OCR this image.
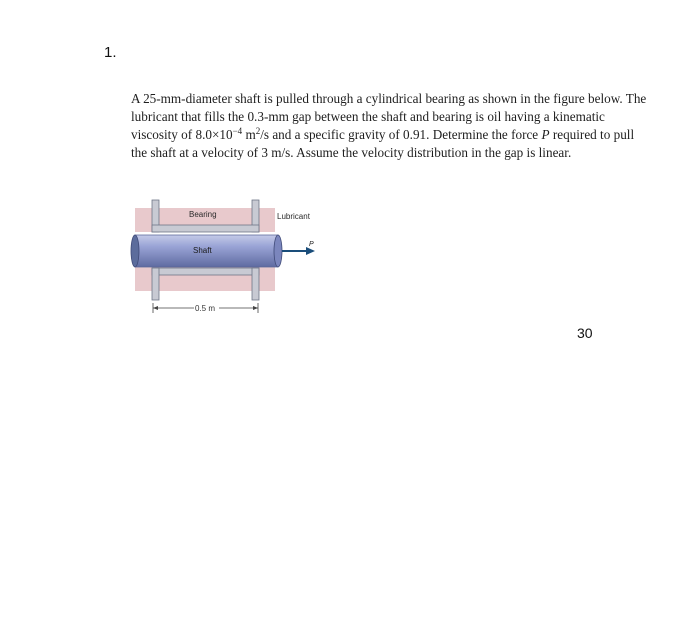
1.

A 25-mm-diameter shaft is pulled through a cylindrical bearing as shown in the figure below. The lubricant that fills the 0.3-mm gap between the shaft and bearing is oil having a kinematic viscosity of $8.0\times 10^{-4}$ $m^2/s$ and a specific gravity of 0.91. Determine the force P required to pull the shaft at a velocity of 3 m/s. Assume the velocity distribution in the gap is linear.

P
Bearing
Shaft
Lubricant
0.5 m
30
